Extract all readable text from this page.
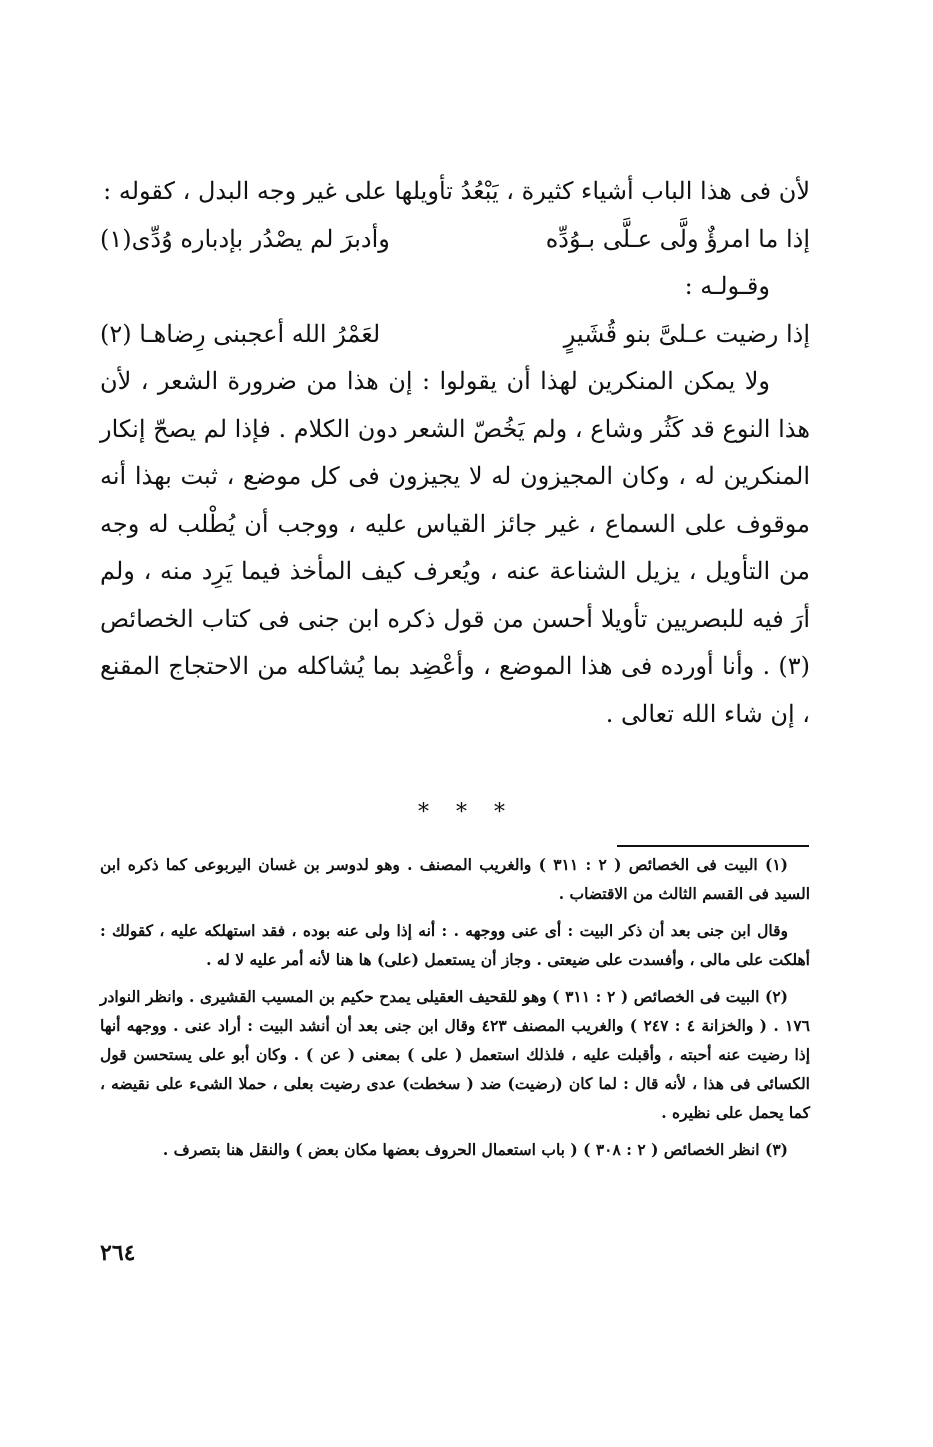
لأن فى هذا الباب أشياء كثيرة ، يَبْعُدُ تأويلها على غير وجه البدل ، كقوله :

إذا ما امرؤٌ ولَّى عـلَّى بـوُدِّه
وأدبرَ لم يصْدُر بإدباره وُدِّى(١)

وقـولـه :

إذا رضيت عـلىَّ بنو قُشَيرٍ
لعَمْرُ الله أعجبنى رِضاهـا (٢)

ولا يمكن المنكرين لهذا أن يقولوا : إن هذا من ضرورة الشعر ، لأن هذا النوع قد كَثُر وشاع ، ولم يَخُصّ الشعر دون الكلام . فإذا لم يصحّ إنكار المنكرين له ، وكان المجيزون له لا يجيزون فى كل موضع ، ثبت بهذا أنه موقوف على السماع ، غير جائز القياس عليه ، ووجب أن يُطْلب له وجه من التأويل ، يزيل الشناعة عنه ، ويُعرف كيف المأخذ فيما يَرِد منه ، ولم أرَ فيه للبصريين تأويلا أحسن من قول ذكره ابن جنى فى كتاب الخصائص (٣) . وأنا أورده فى هذا الموضع ، وأعْضِد بما يُشاكله من الاحتجاج المقنع ، إن شاء الله تعالى .

* * *

(١) البيت فى الخصائص ( ٢ : ٣١١ ) والغريب المصنف . وهو لدوسر بن غسان اليربوعى كما ذكره ابن السيد فى القسم الثالث من الاقتضاب .

وقال ابن جنى بعد أن ذكر البيت : أى عنى ووجهه . : أنه إذا ولى عنه بوده ، فقد استهلكه عليه ، كقولك : أهلكت على مالى ، وأفسدت على ضيعتى . وجاز أن يستعمل (على) ها هنا لأنه أمر عليه لا له .

(٢) البيت فى الخصائص ( ٢ : ٣١١ ) وهو للقحيف العقيلى يمدح حكيم بن المسيب القشيرى . وانظر النوادر ١٧٦ . ( والخزانة ٤ : ٢٤٧ ) والغريب المصنف ٤٢٣ وقال ابن جنى بعد أن أنشد البيت : أراد عنى . ووجهه أنها إذا رضيت عنه أحبته ، وأقبلت عليه ، فلذلك استعمل ( على ) بمعنى ( عن ) . وكان أبو على يستحسن قول الكسائى فى هذا ، لأنه قال : لما كان (رضيت) ضد ( سخطت) عدى رضيت بعلى ، حملا الشىء على نقيضه ، كما يحمل على نظيره .

(٣) انظر الخصائص ( ٢ : ٣٠٨ ) ( باب استعمال الحروف بعضها مكان بعض ) والنقل هنا بتصرف .

٢٦٤
